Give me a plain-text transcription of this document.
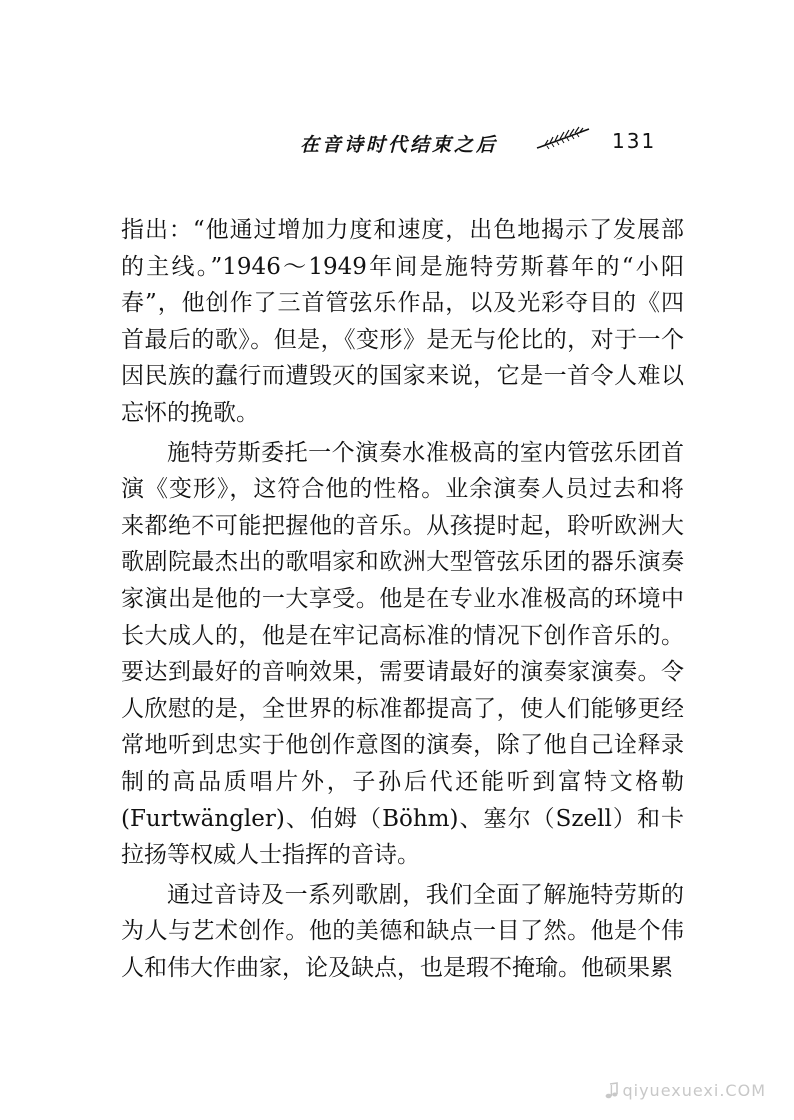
在音诗时代结束之后	131

指出：“他通过增加力度和速度，出色地揭示了发展部的主线。”1946～1949年间是施特劳斯暮年的“小阳春”，他创作了三首管弦乐作品，以及光彩夺目的《四首最后的歌》。但是，《变形》是无与伦比的，对于一个因民族的蠢行而遭毁灭的国家来说，它是一首令人难以忘怀的挽歌。

施特劳斯委托一个演奏水准极高的室内管弦乐团首演《变形》，这符合他的性格。业余演奏人员过去和将来都绝不可能把握他的音乐。从孩提时起，聆听欧洲大歌剧院最杰出的歌唱家和欧洲大型管弦乐团的器乐演奏家演出是他的一大享受。他是在专业水准极高的环境中长大成人的，他是在牢记高标准的情况下创作音乐的。要达到最好的音响效果，需要请最好的演奏家演奏。令人欣慰的是，全世界的标准都提高了，使人们能够更经常地听到忠实于他创作意图的演奏，除了他自己诠释录制的高品质唱片外，子孙后代还能听到富特文格勒(Furtwängler)、伯姆（Böhm)、塞尔（Szell）和卡拉扬等权威人士指挥的音诗。

通过音诗及一系列歌剧，我们全面了解施特劳斯的为人与艺术创作。他的美德和缺点一目了然。他是个伟人和伟大作曲家，论及缺点，也是瑕不掩瑜。他硕果累

qiyuexuexi.COM
